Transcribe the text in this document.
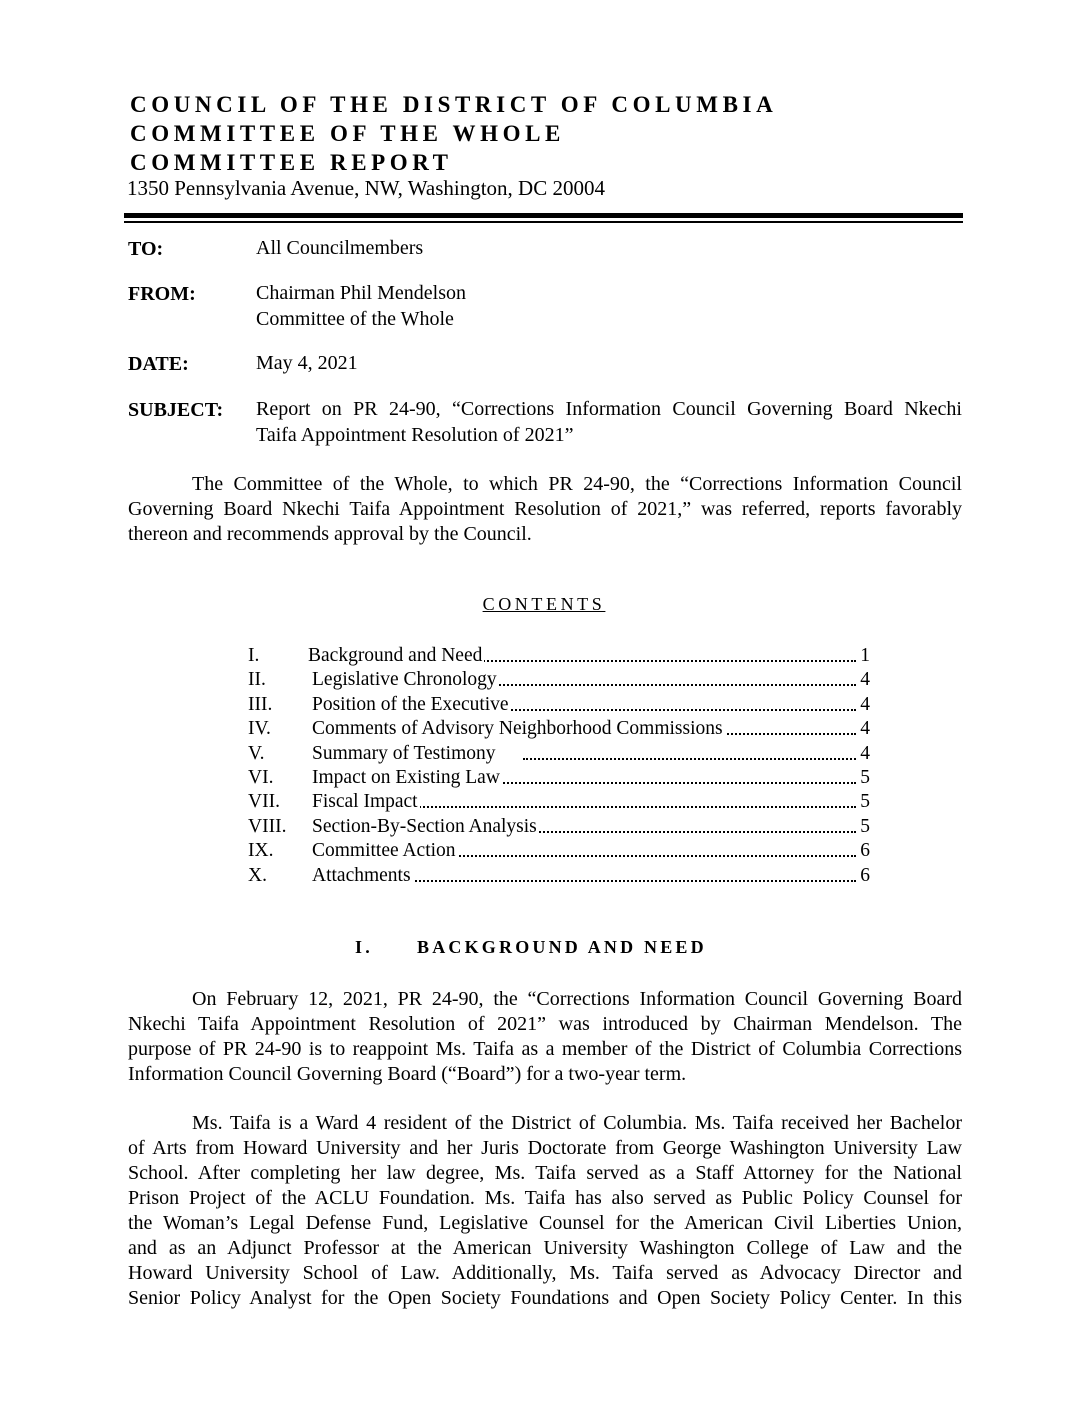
COUNCIL OF THE DISTRICT OF COLUMBIA
COMMITTEE OF THE WHOLE
COMMITTEE REPORT
1350 Pennsylvania Avenue, NW, Washington, DC 20004
TO:	All Councilmembers
FROM:	Chairman Phil Mendelson
Committee of the Whole
DATE:	May 4, 2021
SUBJECT: Report on PR 24-90, “Corrections Information Council Governing Board Nkechi
Taifa Appointment Resolution of 2021”
The Committee of the Whole, to which PR 24-90, the “Corrections Information Council
Governing Board Nkechi Taifa Appointment Resolution of 2021,” was referred, reports favorably
thereon and recommends approval by the Council.
CONTENTS
I. Background and Need	1
II. Legislative Chronology	4
III. Position of the Executive	4
IV. Comments of Advisory Neighborhood Commissions	4
V. Summary of Testimony	4
VI. Impact on Existing Law	5
VII. Fiscal Impact	5
VIII. Section-By-Section Analysis	5
IX. Committee Action	6
X. Attachments	6
I. BACKGROUND AND NEED
On February 12, 2021, PR 24-90, the “Corrections Information Council Governing Board
Nkechi Taifa Appointment Resolution of 2021” was introduced by Chairman Mendelson. The
purpose of PR 24-90 is to reappoint Ms. Taifa as a member of the District of Columbia Corrections
Information Council Governing Board (“Board”) for a two-year term.
Ms. Taifa is a Ward 4 resident of the District of Columbia. Ms. Taifa received her Bachelor
of Arts from Howard University and her Juris Doctorate from George Washington University Law
School. After completing her law degree, Ms. Taifa served as a Staff Attorney for the National
Prison Project of the ACLU Foundation. Ms. Taifa has also served as Public Policy Counsel for
the Woman’s Legal Defense Fund, Legislative Counsel for the American Civil Liberties Union,
and as an Adjunct Professor at the American University Washington College of Law and the
Howard University School of Law. Additionally, Ms. Taifa served as Advocacy Director and
Senior Policy Analyst for the Open Society Foundations and Open Society Policy Center. In this
